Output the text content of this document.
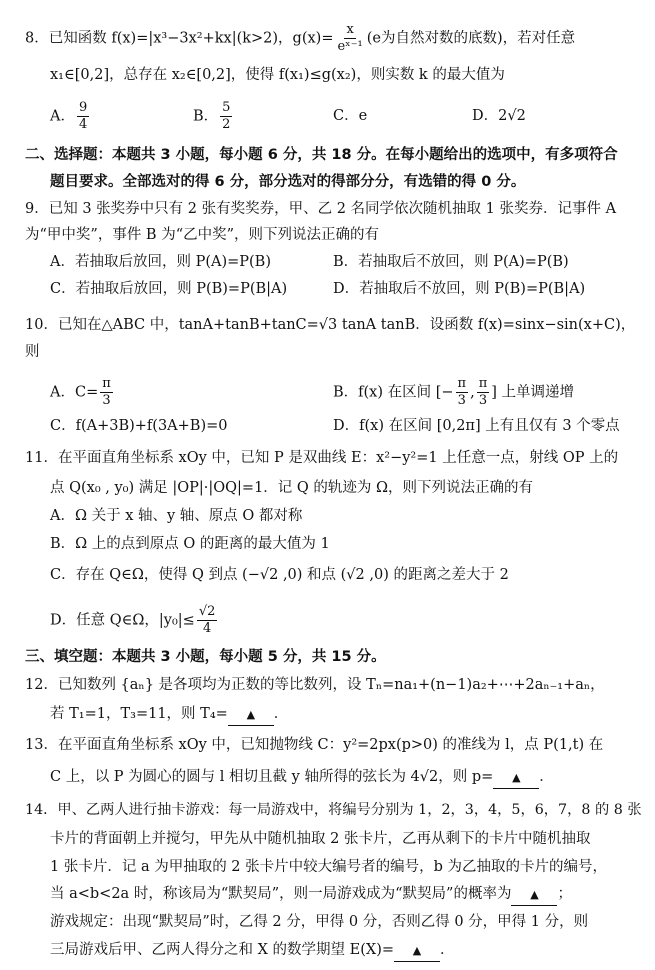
8．已知函数 f(x)=|x³−3x²+kx|(k>2)，$g(x)= \frac{x}{\text{eˣ⁻¹}} (e$为自然对数的底数)，若对任意
x₁∈[0,2]，总存在 x₂∈[0,2]，使得 f(x₁)≤g(x₂)，则实数 k 的最大值为
A． $\frac{9}{4}$	B． $\frac{5}{2}$	C．e	D．2√2
二、选择题：本题共 3 小题，每小题 6 分，共 18 分。在每小题给出的选项中，有多项符合
题目要求。全部选对的得 6 分，部分选对的得部分分，有选错的得 0 分。
9．已知 3 张奖券中只有 2 张有奖奖券，甲、乙 2 名同学依次随机抽取 1 张奖券．记事件 A
为“甲中奖”，事件 B 为“乙中奖”，则下列说法正确的有
A．若抽取后放回，则 P(A)=P(B)	B．若抽取后不放回，则 P(A)=P(B)
C．若抽取后放回，则 P(B)=P(B|A)	D．若抽取后不放回，则 P(B)=P(B|A)
10．已知在△ABC 中，tanA+tanB+tanC=√3 tanA tanB．设函数 f(x)=sinx−sin(x+C)，
则
A．$C= \frac{\pi}{3}$	B．f(x) 在区间 [− $\frac{\pi}{3}$ , $\frac{\pi}{3}$ ] 上单调递增
C．f(A+3B)+f(3A+B)=0	D．f(x) 在区间 [0,2π] 上有且仅有 3 个零点
11．在平面直角坐标系 xOy 中，已知 P 是双曲线 E：x²−y²=1 上任意一点，射线 OP 上的
点 Q(x₀ , y₀) 满足 |OP|·|OQ|=1．记 Q 的轨迹为 Ω，则下列说法正确的有
A．Ω 关于 x 轴、y 轴、原点 O 都对称
B．Ω 上的点到原点 O 的距离的最大值为 1
C．存在 Q∈Ω，使得 Q 到点 (−√2 ,0) 和点 (√2 ,0) 的距离之差大于 2
D．任意 Q∈Ω，$|y_0|\le \frac{√2}{4}$
三、填空题：本题共 3 小题，每小题 5 分，共 15 分。
12．已知数列 {aₙ} 是各项均为正数的等比数列，设 Tₙ=na₁+(n−1)a₂+⋯+2aₙ₋₁+aₙ，
若 T₁=1，T₃=11，则 T₄= ▲ ．
13．在平面直角坐标系 xOy 中，已知抛物线 C：y²=2px(p>0) 的准线为 l，点 P(1,t) 在
C 上，以 P 为圆心的圆与 l 相切且截 y 轴所得的弦长为 4√2，则 p= ▲ ．
14．甲、乙两人进行抽卡游戏：每一局游戏中，将编号分别为 1，2，3，4，5，6，7，8 的 8 张
卡片的背面朝上并搅匀，甲先从中随机抽取 2 张卡片，乙再从剩下的卡片中随机抽取
1 张卡片．记 a 为甲抽取的 2 张卡片中较大编号者的编号，b 为乙抽取的卡片的编号，
当 a<b<2a 时，称该局为“默契局”，则一局游戏成为“默契局”的概率为 ▲ ；
游戏规定：出现“默契局”时，乙得 2 分，甲得 0 分，否则乙得 0 分，甲得 1 分，则
三局游戏后甲、乙两人得分之和 X 的数学期望 E(X)= ▲ ．
